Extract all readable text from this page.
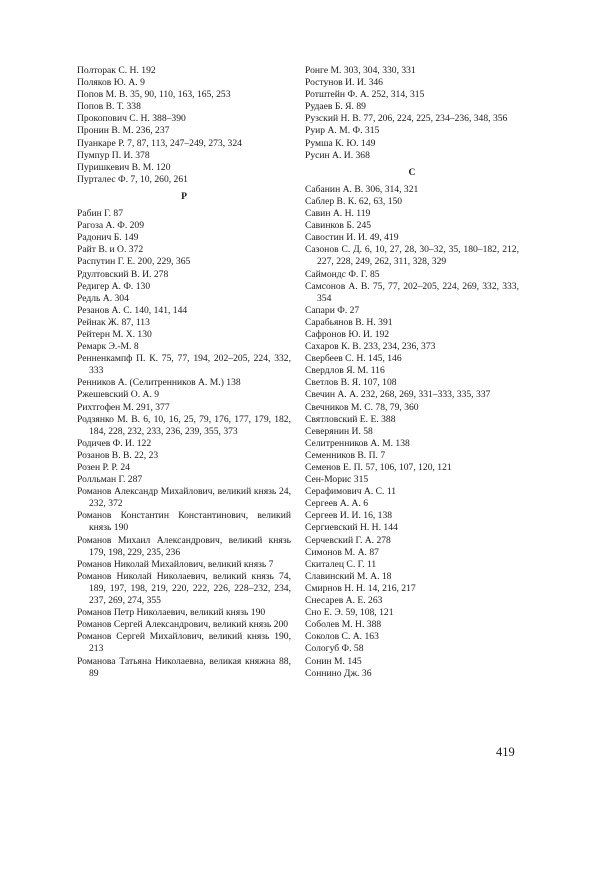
Полторак С. Н. 192
Поляков Ю. А. 9
Попов М. В. 35, 90, 110, 163, 165, 253
Попов В. Т. 338
Прокопович С. Н. 388–390
Пронин В. М. 236, 237
Пуанкаре Р. 7, 87, 113, 247–249, 273, 324
Пумпур П. И. 378
Пуришкевич В. М. 120
Пурталес Ф. 7, 10, 260, 261
Р
Рабин Г. 87
Рагоза А. Ф. 209
Радонич Б. 149
Райт В. и О. 372
Распутин Г. Е. 200, 229, 365
Рдултовский В. И. 278
Редигер А. Ф. 130
Редль А. 304
Резанов А. С. 140, 141, 144
Рейнак Ж. 87, 113
Рейтерн М. Х. 130
Ремарк Э.-М. 8
Ренненкампф П. К. 75, 77, 194, 202–205, 224, 332, 333
Ренников А. (Селитренников А. М.) 138
Ржешевский О. А. 9
Рихтгофен М. 291, 377
Родзянко М. В. 6, 10, 16, 25, 79, 176, 177, 179, 182, 184, 228, 232, 233, 236, 239, 355, 373
Родичев Ф. И. 122
Розанов В. В. 22, 23
Розен Р. Р. 24
Ролльман Г. 287
Романов Александр Михайлович, великий князь 24, 232, 372
Романов Константин Константинович, великий князь 190
Романов Михаил Александрович, великий князь 179, 198, 229, 235, 236
Романов Николай Михайлович, великий князь 7
Романов Николай Николаевич, великий князь 74, 189, 197, 198, 219, 220, 222, 226, 228–232, 234, 237, 269, 274, 355
Романов Петр Николаевич, великий князь 190
Романов Сергей Александрович, великий князь 200
Романов Сергей Михайлович, великий князь 190, 213
Романова Татьяна Николаевна, великая княжна 88, 89
Ронге М. 303, 304, 330, 331
Ростунов И. И. 346
Ротштейн Ф. А. 252, 314, 315
Рудаев Б. Я. 89
Рузский Н. В. 77, 206, 224, 225, 234–236, 348, 356
Руир А. М. Ф. 315
Румша К. Ю. 149
Русин А. И. 368
С
Сабанин А. В. 306, 314, 321
Саблер В. К. 62, 63, 150
Савин А. Н. 119
Савинков Б. 245
Савостин И. И. 49, 419
Сазонов С. Д. 6, 10, 27, 28, 30–32, 35, 180–182, 212, 227, 228, 249, 262, 311, 328, 329
Саймондс Ф. Г. 85
Самсонов А. В. 75, 77, 202–205, 224, 269, 332, 333, 354
Сапари Ф. 27
Сарабьянов В. Н. 391
Сафронов Ю. И. 192
Сахаров К. В. 233, 234, 236, 373
Свербеев С. Н. 145, 146
Свердлов Я. М. 116
Светлов В. Я. 107, 108
Свечин А. А. 232, 268, 269, 331–333, 335, 337
Свечников М. С. 78, 79, 360
Святловский Е. Е. 388
Северянин И. 58
Селитренников А. М. 138
Семенников В. П. 7
Семенов Е. П. 57, 106, 107, 120, 121
Сен-Мориc 315
Серафимович А. С. 11
Сергеев А. А. 6
Сергеев И. И. 16, 138
Сергиевский Н. Н. 144
Серчевский Г. А. 278
Симонов М. А. 87
Скиталец С. Г. 11
Славинский М. А. 18
Смирнов Н. Н. 14, 216, 217
Снесарев А. Е. 263
Сно Е. Э. 59, 108, 121
Соболев М. Н. 388
Соколов С. А. 163
Сологуб Ф. 58
Сонин М. 145
Соннино Дж. 36
419
